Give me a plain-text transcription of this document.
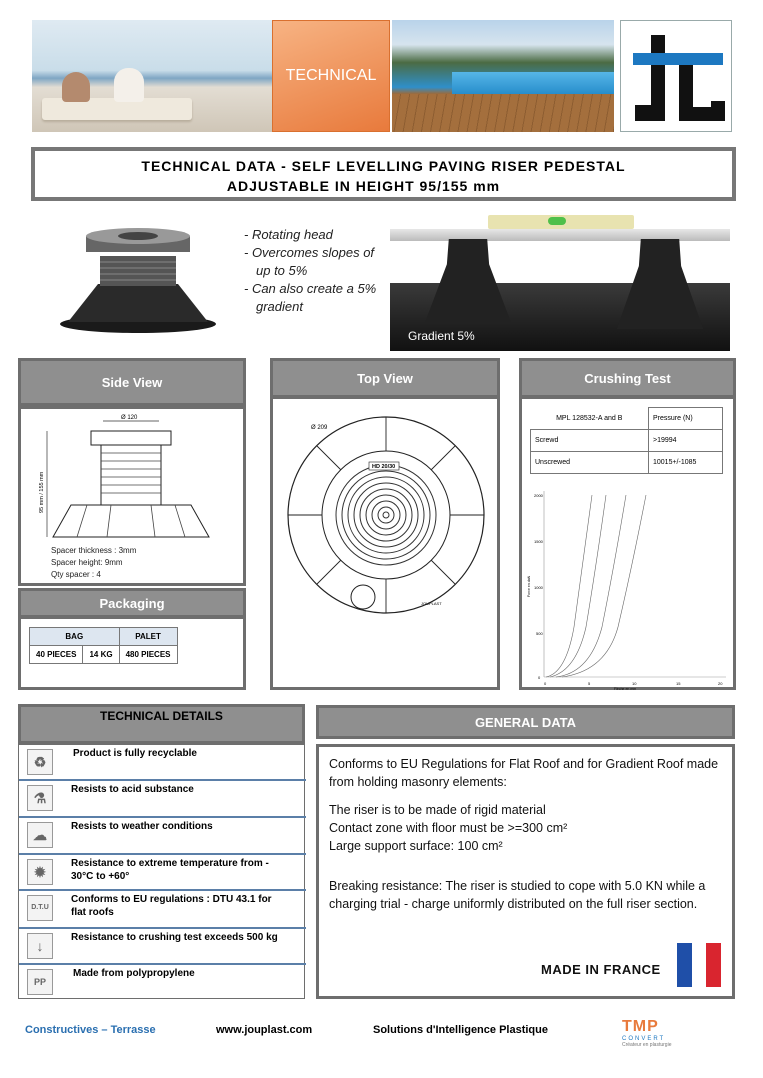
TECHNICAL
TECHNICAL DATA - SELF LEVELLING PAVING RISER PEDESTAL
ADJUSTABLE IN HEIGHT 95/155 mm
- Rotating head
- Overcomes slopes of up to 5%
- Can also create a 5% gradient
Gradient 5%
Side View
Ø 120
95 mm / 155 mm
Spacer thickness : 3mm
Spacer height: 9mm
Qty spacer : 4
Packaging
BAG		PALET
40 PIECES	14 KG	480 PIECES
Top View
Ø 209
HD 20/30
JOUPLAST
Crushing Test
MPL 128532-A and B	Pressure (N)
Screwd	>19994
Unscrewed	10015+/-1085
2000
1500
1000
500
0
0	5	10	15	20
Force en daN
Flèche en mm
TECHNICAL DETAILS
♻
Product is fully recyclable
⚗
Resists to acid substance
☁
Resists to weather conditions
✹
Resistance to extreme temperature from - 30°C to +60°
D.T.U
Conforms to EU regulations : DTU 43.1 for flat roofs
↓
Resistance to crushing test exceeds 500 kg
PP
Made from polypropylene
GENERAL DATA

Conforms to EU Regulations for Flat Roof and for Gradient Roof made from holding masonry elements:

The riser is to be made of rigid material
Contact zone with floor must be >=300 cm²
Large support surface: 100 cm²

Breaking resistance: The riser is studied to cope with 5.0 KN while a charging trial - charge uniformly distributed on the full riser section.

MADE IN FRANCE
Constructives – Terrasse	www.jouplast.com	Solutions d'Intelligence Plastique	TMP
CONVERT
Créateur en plasturgie
